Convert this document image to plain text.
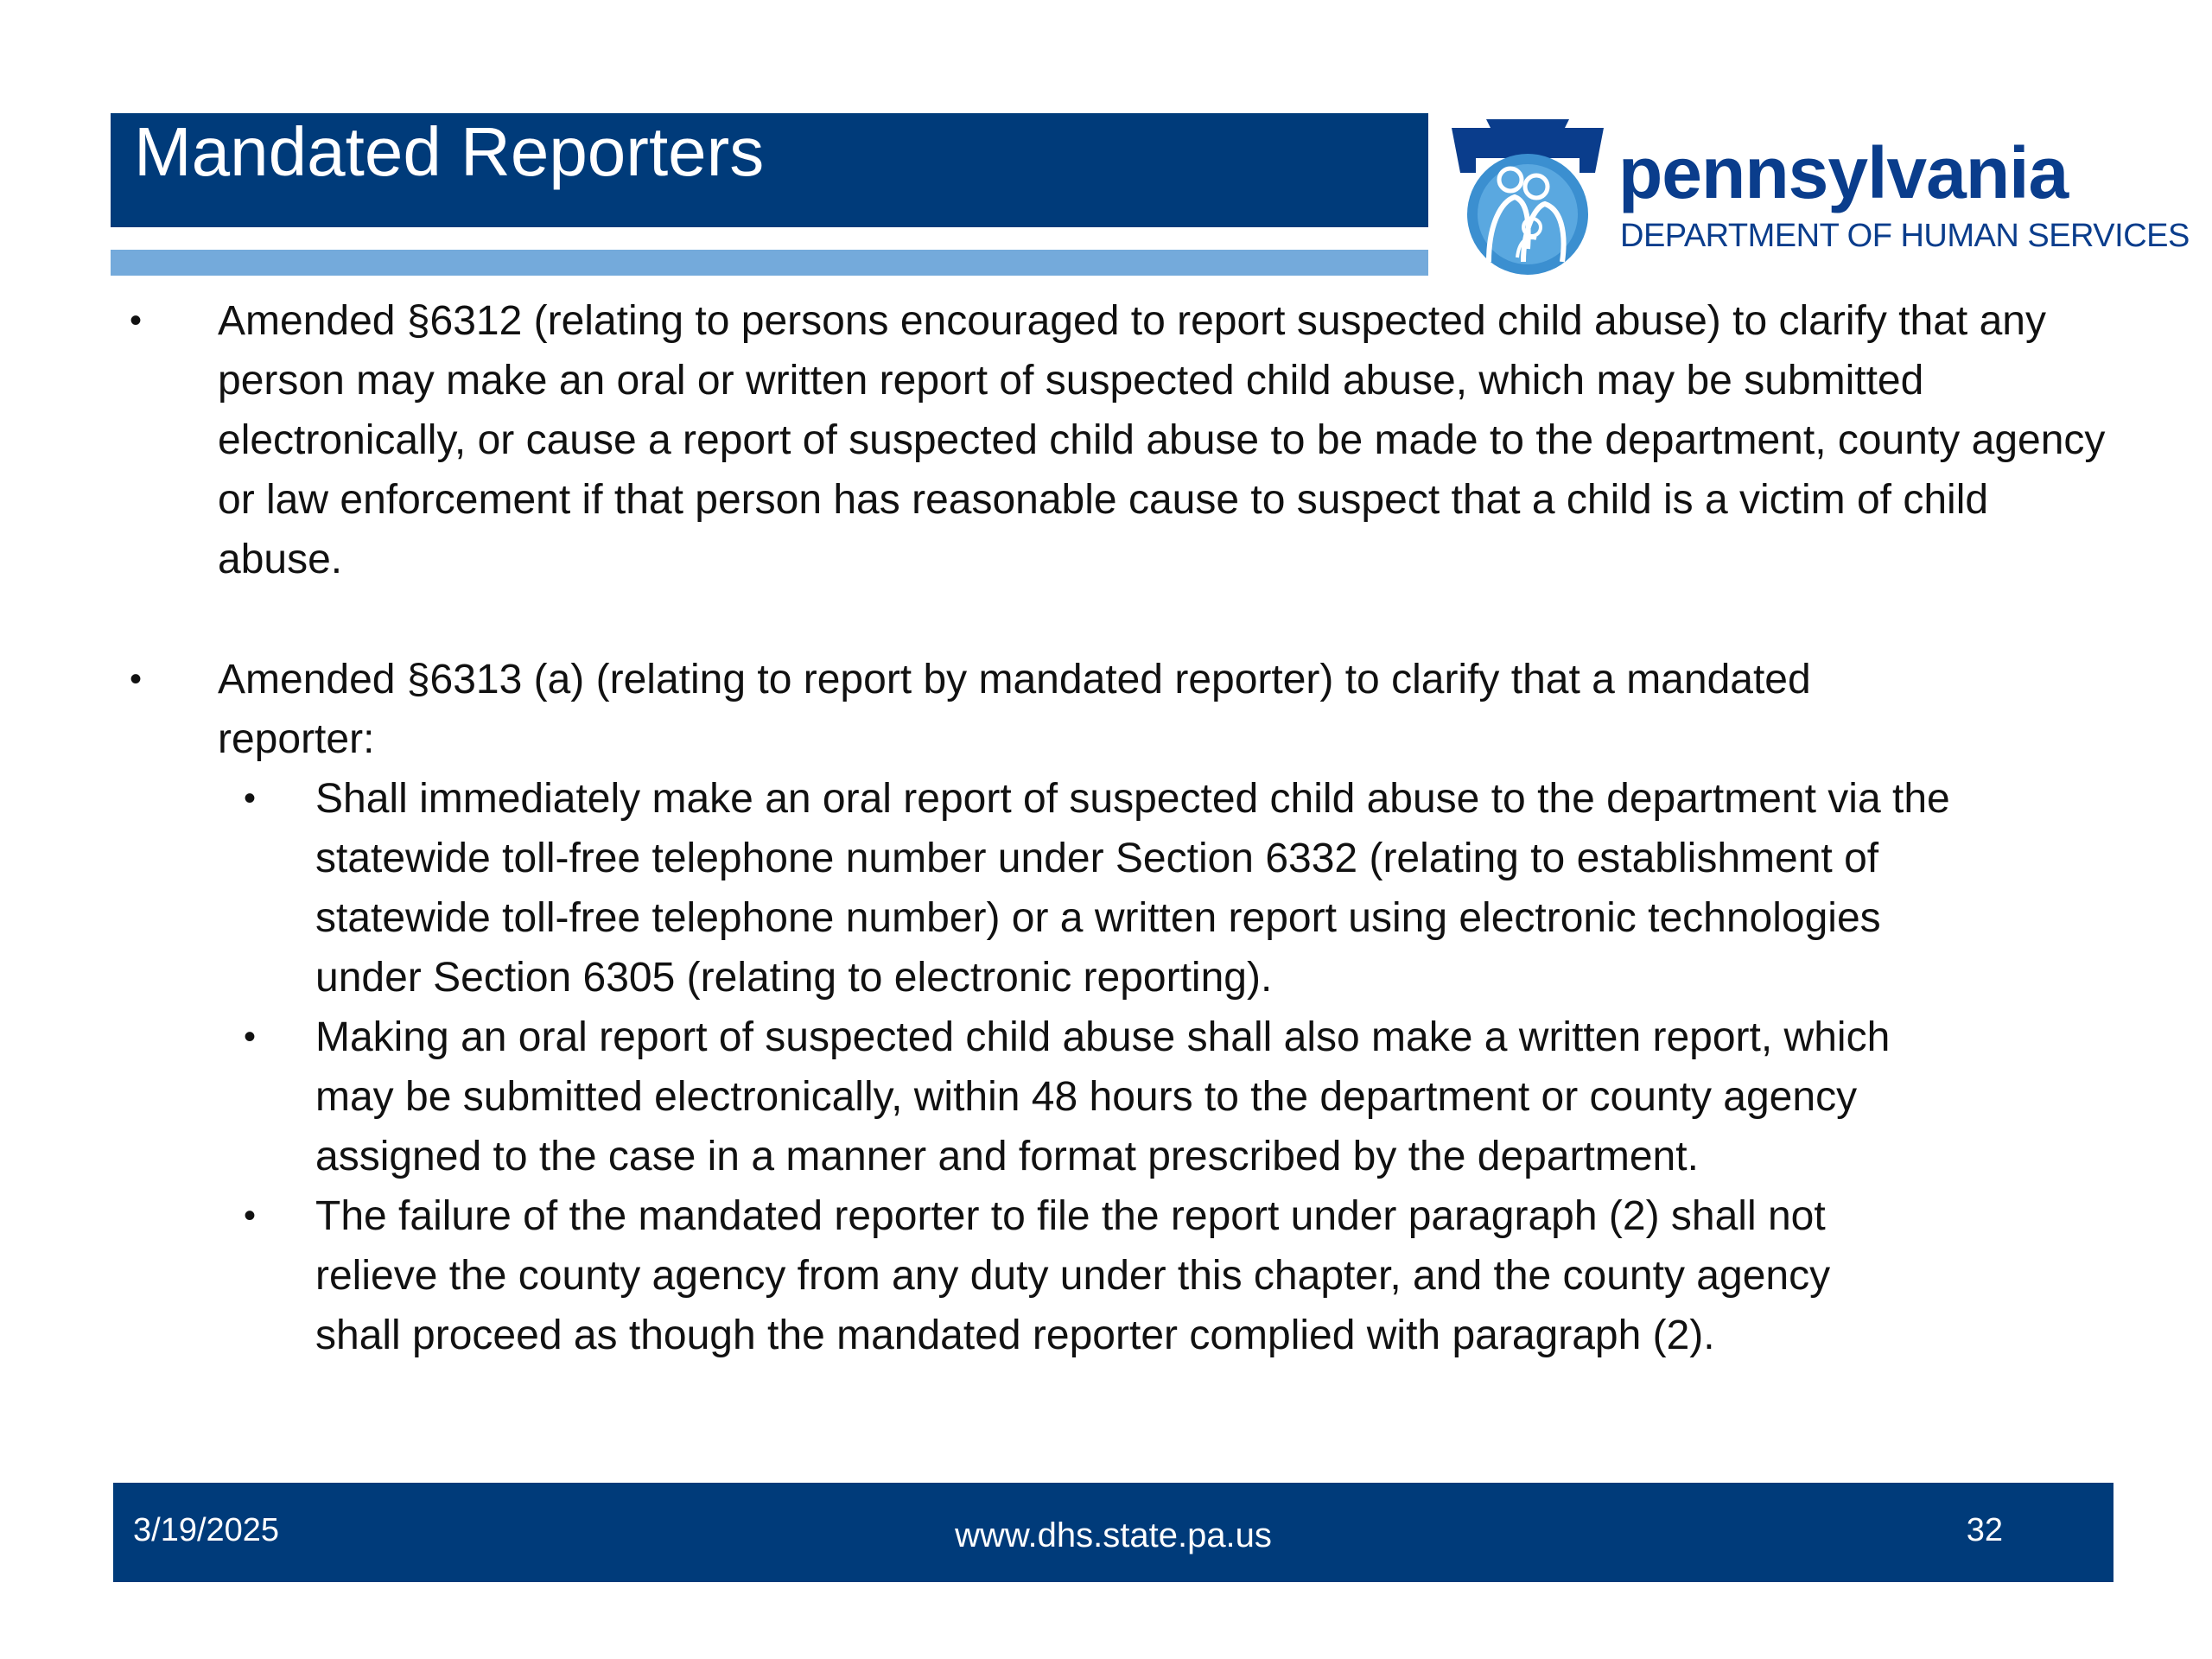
Mandated Reporters	pennsylvania
DEPARTMENT OF HUMAN SERVICES
• Amended §6312 (relating to persons encouraged to report suspected child abuse) to clarify that any person may make an oral or written report of suspected child abuse, which may be submitted electronically, or cause a report of suspected child abuse to be made to the department, county agency or law enforcement if that person has reasonable cause to suspect that a child is a victim of child abuse.
• Amended §6313 (a) (relating to report by mandated reporter) to clarify that a mandated reporter:
• Shall immediately make an oral report of suspected child abuse to the department via the statewide toll-free telephone number under Section 6332 (relating to establishment of statewide toll-free telephone number) or a written report using electronic technologies under Section 6305 (relating to electronic reporting).
• Making an oral report of suspected child abuse shall also make a written report, which may be submitted electronically, within 48 hours to the department or county agency assigned to the case in a manner and format prescribed by the department.
• The failure of the mandated reporter to file the report under paragraph (2) shall not relieve the county agency from any duty under this chapter, and the county agency shall proceed as though the mandated reporter complied with paragraph (2).
3/19/2025	www.dhs.state.pa.us	32
